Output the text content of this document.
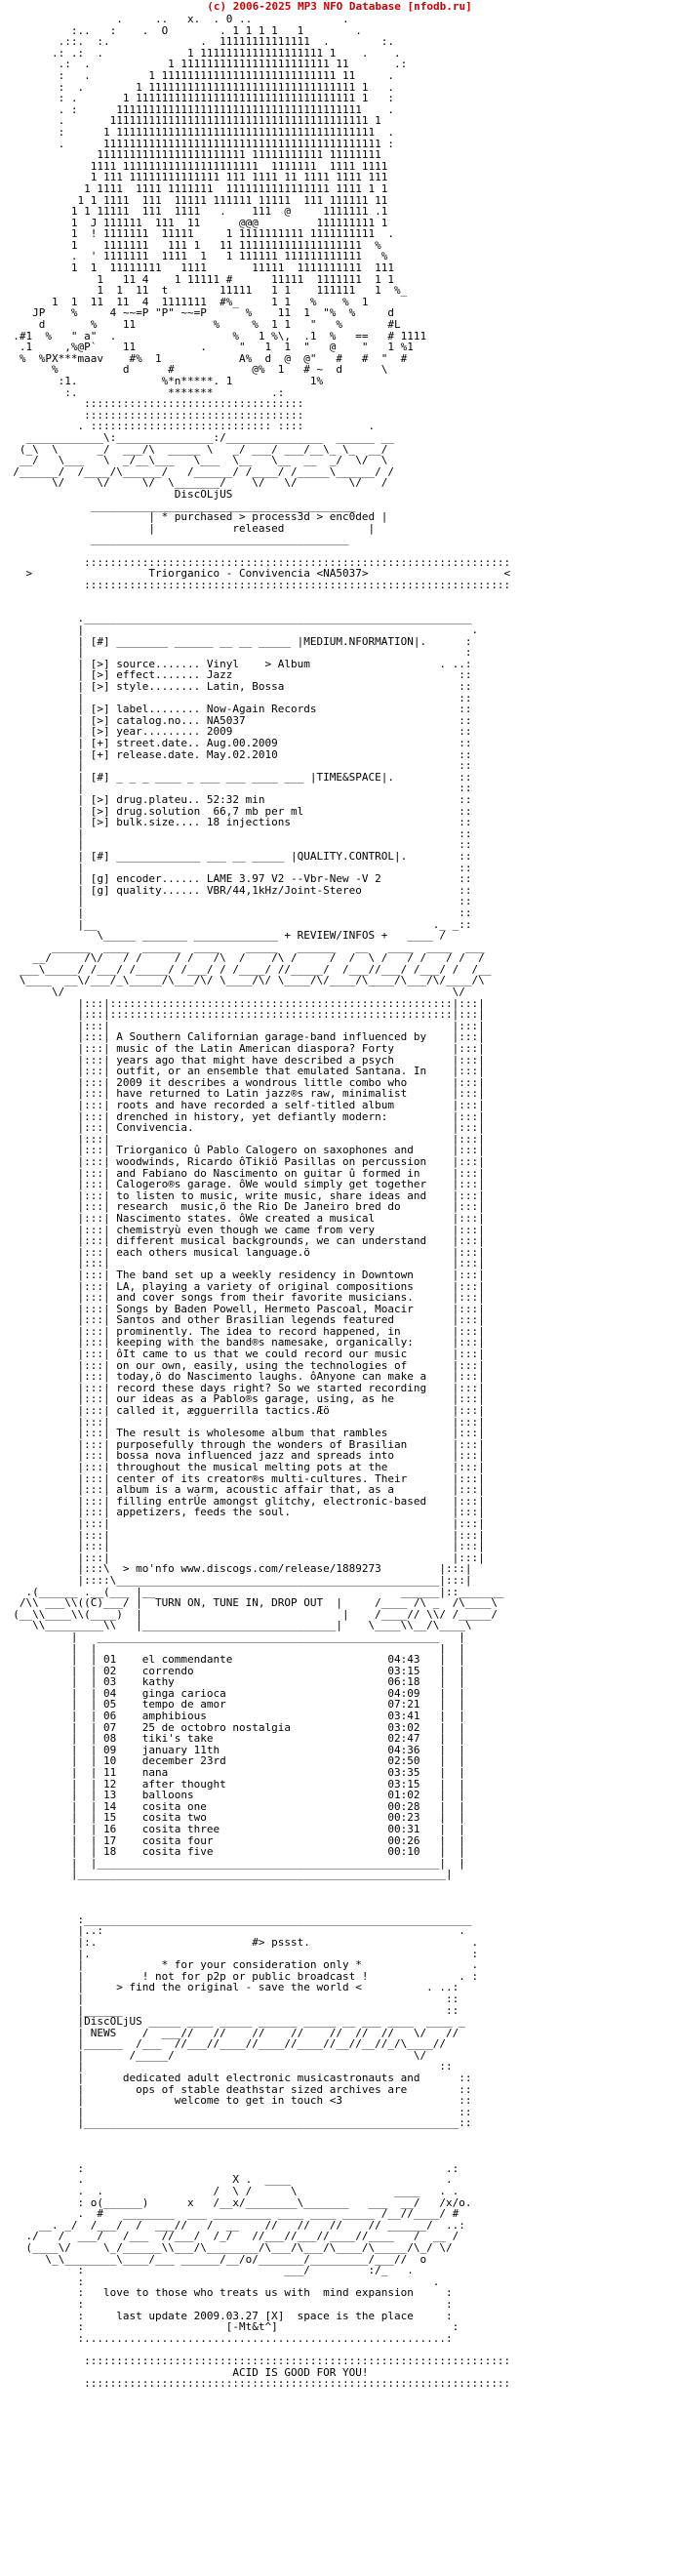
(c) 2006-2025 MP3 NFO Database [nfodb.ru]
.     ..   x.  . 0 ..              .
:..   :    .  O        . 1 1 1 1   1        .
.::.  :.              .  11111111111111  .        :.
.: .:  .             1 1111111111111111111 1    .    .
.:  .            1 11111111111111111111111 11       .:
:   .         1 111111111111111111111111111 11     .
:  .        1 11111111111111111111111111111111 1   .
: .       1 1111111111111111111111111111111111 1   :
. :      11111111111111111111111111111111111111    .
.       1111111111111111111111111111111111111111 1
:      1 1111111111111111111111111111111111111111  .
.      1111111111111111111111111111111111111111111 :
11111111111111111111111 11111111111 11111111
1111 111111111111111111111  1111111  1111 1111
1 111 11111111111111 111 1111 11 1111 1111 111
1 1111  1111 1111111  1111111111111111 1111 1 1
1 1 1111  111  11111 111111 11111  111 111111 11
1 1 11111  111  1111   .    111  @     1111111 .1
1  J 111111  111  11      @@@         111111111 1
1  ! 1111111  11111     1 1111111111 1111111111  .
1    1111111   111 1   11 1111111111111111111  %
.  ' 1111111  1111  1   1 111111 111111111111   %
1  1  11111111   1111       11111  1111111111  111
1   11 4    1 11111 #      11111  1111111  1 1
1  1  11  t        11111   1 1    111111   1  %_
1  1  11  11  4  1111111  #%_     1 1   %    %  1
JP    %     4 ~~=P "P" ~~=P      %    11  1  "%  %     d
d       %    11            %     %  1 1   "   %       #L
.#1  %   " a"  .                  %   1 %\,  .1  %   ==   # 1111
.1     ,%@P`    11          .     "   1  1  "   @    "   1 %1
%  %PX***maav    #%  1            A%  d  @  @"   #   #  "  #
%          d      #            @%  1   # ~  d      \
:1.             %*n*****. 1            1%
:.              *******         .:
::::::::::::::::::::::::::::::::::
::::::::::::::::::::::::::::::::::
. :::::::::::::::::::::::::::: ::::          .
____________\:_______________:/_______________  ______ __
(_\  \      _/  ___/\  _____ \   _/ ___/ ___/__\_ \_  __/
__/   \___   \  _/__\___   \___  \__   \__  __  _/  \/  \
/______/  /____/\______/   /______/ /____/ /_____\______/ /
\/     \/     \/  \_______/    \/   \/        \/   /
DiscOLjUS
_________________________________________
| * purchased > process3d > enc0ded |
|            released             |
________________________________________

::::::::::::::::::::::::::::::::::::::::::::::::::::::::::::::::::
>                  Triorganico - Convivencia <NA5037>                     <
::::::::::::::::::::::::::::::::::::::::::::::::::::::::::::::::::

.____________________________________________________________
|                                                            .
| [#] ________ ______ __ __ _____ |MEDIUM.NFORMATION|.      :
|                                                           :
| [>] source....... Vinyl    > Album                    . ..:
| [>] effect....... Jazz                                   ::
| [>] style........ Latin, Bossa                           ::
|                                                          ::
| [>] label........ Now-Again Records                      ::
| [>] catalog.no... NA5037                                 ::
| [>] year......... 2009                                   ::
| [+] street.date.. Aug.00.2009                            ::
| [+] release.date. May.02.2010                            ::
|                                                          ::
| [#] _ _ _ ____ _ ___ ___ ____ ___ |TIME&SPACE|.          ::
|                                                          ::
| [>] drug.plateu.. 52:32 min                              ::
| [>] drug.solution  66,7 mb per ml                        ::
| [>] bulk.size.... 18 injections                          ::
|                                                          ::
|                                                          ::
| [#] _____________ ___ __ _____ |QUALITY.CONTROL|.        ::
|                                                          ::
| [g] encoder...... LAME 3.97 V2 --Vbr-New -V 2            ::
| [g] quality...... VBR/44,1kHz/Joint-Stereo               ::
|                                                          ::
|                                                          ::
|__                                                    ._ _::
\_____ _______ _____________ + REVIEW/INFOS +   ____ /
______  ____  ______  ____    _____   ______   __   ____  ____  ___
__/     /\/   / /     / /   /\  /    /\ /     /  /  \ /   / /   / /  /
___\_____/ /___/ /_____/ /___/ / /____/ //_____/  /___//___/ /___/ /  /__
\____  __\/___/_\_____/\___/\/ \____/\/ \____/\/____/\____/\___/\/____/\
\/                                                            \/
|:::|:::::::::::::::::::::::::::::::::::::::::::::::::::::|:::|
|:::|:::::::::::::::::::::::::::::::::::::::::::::::::::::|:::|
|:::|                                                     |:::|
|:::| A Southern Californian garage-band influenced by    |:::|
|:::| music of the Latin American diaspora? Forty         |:::|
|:::| years ago that might have described a psych         |:::|
|:::| outfit, or an ensemble that emulated Santana. In    |:::|
|:::| 2009 it describes a wondrous little combo who       |:::|
|:::| have returned to Latin jazz®s raw, minimalist       |:::|
|:::| roots and have recorded a self-titled album         |:::|
|:::| drenched in history, yet defiantly modern:          |:::|
|:::| Convivencia.                                        |:::|
|:::|                                                     |:::|
|:::| Triorganico û Pablo Calogero on saxophones and      |:::|
|:::| woodwinds, Ricardo ôTikiö Pasillas on percussion    |:::|
|:::| and Fabiano do Nascimento on guitar û formed in     |:::|
|:::| Calogero®s garage. ôWe would simply get together    |:::|
|:::| to listen to music, write music, share ideas and    |:::|
|:::| research  music,ö the Rio De Janeiro bred do        |:::|
|:::| Nascimento states. ôWe created a musical            |:::|
|:::| chemistryù even though we came from very            |:::|
|:::| different musical backgrounds, we can understand    |:::|
|:::| each others musical language.ö                      |:::|
|:::|                                                     |:::|
|:::| The band set up a weekly residency in Downtown      |:::|
|:::| LA, playing a variety of original compositions      |:::|
|:::| and cover songs from their favorite musicians.      |:::|
|:::| Songs by Baden Powell, Hermeto Pascoal, Moacir      |:::|
|:::| Santos and other Brasilian legends featured         |:::|
|:::| prominently. The idea to record happened, in        |:::|
|:::| keeping with the band®s namesake, organically:      |:::|
|:::| ôIt came to us that we could record our music       |:::|
|:::| on our own, easily, using the technologies of       |:::|
|:::| today,ö do Nascimento laughs. ôAnyone can make a    |:::|
|:::| record these days right? So we started recording    |:::|
|:::| our ideas as a Pablo®s garage, using, as he         |:::|
|:::| called it, ægguerrilla tactics.Æö                   |:::|
|:::|                                                     |:::|
|:::| The result is wholesome album that rambles          |:::|
|:::| purposefully through the wonders of Brasilian       |:::|
|:::| bossa nova influenced jazz and spreads into         |:::|
|:::| throughout the musical melting pots at the          |:::|
|:::| center of its creator®s multi-cultures. Their       |:::|
|:::| album is a warm, acoustic affair that, as a         |:::|
|:::| filling entrÚe amongst glitchy, electronic-based    |:::|
|:::| appetizers, feeds the soul.                         |:::|
|:::|                                                     |:::|
|:::|                                                     |:::|
|:::|                                                     |:::|
|:::|                                                     |:::|
|:::\  > mo'nfo www.discogs.com/release/1889273         |:::|
|::::\__________________________________________________|:::|
.(______ .__(___ |__                                      ______|::_______
/\\ ___\\((C)___/ |  TURN ON, TUNE IN, DROP OUT  |     /____ /\ _  /\____\
(__\\____\\(____)  |                               |    /____// \\/ /_____/
\\_________\\   |______________________________|    \____\\__/\____\
|   _____________________________________________________   |
|  |                                                     |  |
|  | 01    el commendante                        04:43   |  |
|  | 02    correndo                              03:15   |  |
|  | 03    kathy                                 06:18   |  |
|  | 04    ginga carioca                         04:09   |  |
|  | 05    tempo de amor                         07:21   |  |
|  | 06    amphibious                            03:41   |  |
|  | 07    25 de octobro nostalgia               03:02   |  |
|  | 08    tiki's take                           02:47   |  |
|  | 09    january 11th                          04:36   |  |
|  | 10    december 23rd                         02:50   |  |
|  | 11    nana                                  03:35   |  |
|  | 12    after thought                         03:15   |  |
|  | 13    balloons                              01:02   |  |
|  | 14    cosita one                            00:28   |  |
|  | 15    cosita two                            00:23   |  |
|  | 16    cosita three                          00:31   |  |
|  | 17    cosita four                           00:26   |  |
|  | 18    cosita five                           00:10   |  |
|  |_____________________________________________________|  |
|_________________________________________________________|

:____________________________________________________________
|..:                                                       .
|:.                        #> pssst.                         .
|.                                                           :
|            * for your consideration only *                 .
|         ! not for p2p or public broadcast !              . :
|     > find the original - save the world <          . ..:
|                                                        ::
|______                                                  ::
|DiscOLjUS _____ ____ _____ ______ _____ __ ___ ____  ____ _
| NEWS    /  ___//   //    //    //    //  //  //   \/   //
|______  /___  //___//____//____//____//__//__//_/\____//
|       /_____/                                     \/
|                                                       ::
|      dedicated adult electronic musicastronauts and      ::
|        ops of stable deathstar sized archives are        ::
|              welcome to get in touch <3                  ::
|                                                          ::
|__________________________________________________________::

:                                                        .:
.                       X .  ____                        .
.  .                 /  \ /      \               ____   . .
: o(______)      x   /__x/________\_______   ___  __/   /x/o.
.  #   ________  ___ _________ ____ ____ _____ /__//____/ #
__. _/  /___/  /  ___//   /  __    //   //   //    // ______/  ..:
./   /  ___/   /___  //___/  /_/   //___//___//____//____   /  __ /
(____\/     \_/______\\___/\________/\___/\___/\____/\_____/\_/ \/
\_\________\____/___ ______/__/o/_______/_________/___//  o
:                               ___/         :/_   .
:                                                      .
:   love to those who treats us with  mind expansion     :
:                                                        :
:     last update 2009.03.27 [X]  space is the place     :
:                      [-Mt&t^]                           :
:........................................................:

::::::::::::::::::::::::::::::::::::::::::::::::::::::::::::::::::
ACID IS GOOD FOR YOU!
::::::::::::::::::::::::::::::::::::::::::::::::::::::::::::::::::
